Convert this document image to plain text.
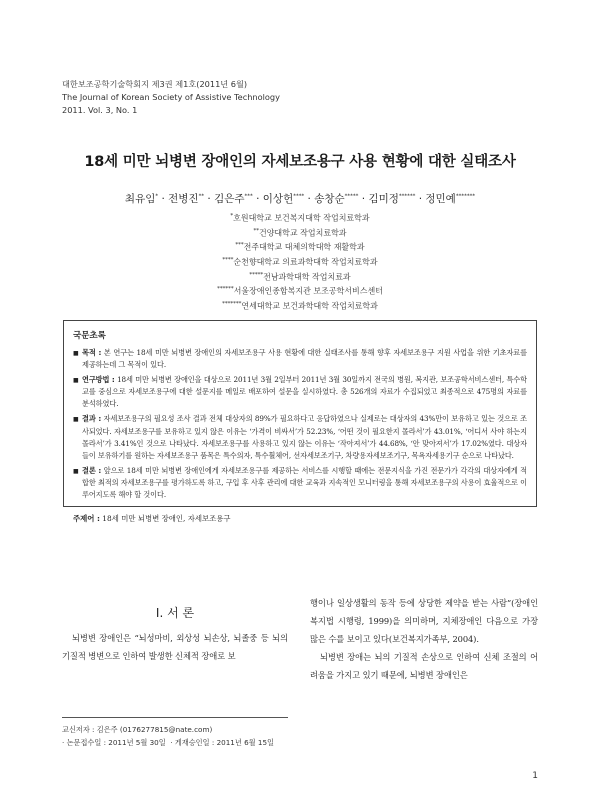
대한보조공학기술학회지 제3권 제1호(2011년 6월)
The Journal of Korean Society of Assistive Technology
2011. Vol. 3, No. 1
18세 미만 뇌병변 장애인의 자세보조용구 사용 현황에 대한 실태조사
최유임* · 전병진** · 김은주*** · 이상헌**** · 송창순***** · 김미정****** · 정민예*******
*호원대학교 보건복지대학 작업치료학과
**건양대학교 작업치료학과
***전주대학교 대체의학대학 재활학과
****순천향대학교 의료과학대학 작업치료학과
*****전남과학대학 작업치료과
******서울장애인종합복지관 보조공학서비스센터
*******연세대학교 보건과학대학 작업치료학과
국문초록
■ 목적 : 본 연구는 18세 미만 뇌병변 장애인의 자세보조용구 사용 현황에 대한 실태조사를 통해 향후 자세보조용구 지원 사업을 위한 기초자료를 제공하는데 그 목적이 있다.
■ 연구방법 : 18세 미만 뇌병변 장애인을 대상으로 2011년 3월 2일부터 2011년 3월 30일까지 전국의 병원, 복지관, 보조공학서비스센터, 특수학교를 중심으로 자세보조용구에 대한 설문지를 메일로 배포하여 설문을 실시하였다. 총 526개의 자료가 수집되었고 최종적으로 475명의 자료를 분석하였다.
■ 결과 : 자세보조용구의 필요성 조사 결과 전체 대상자의 89%가 필요하다고 응답하였으나 실제로는 대상자의 43%만이 보유하고 있는 것으로 조사되었다. 자세보조용구를 보유하고 있지 않은 이유는 ‘가격이 비싸서’가 52.23%, ‘어떤 것이 필요한지 몰라서’가 43.01%, ‘어디서 사야 하는지 몰라서’가 3.41%인 것으로 나타났다. 자세보조용구를 사용하고 있지 않는 이유는 ‘작아져서’가 44.68%, ‘안 맞아져서’가 17.02%였다. 대상자들이 보유하기를 원하는 자세보조용구 품목은 특수의자, 특수휠체어, 선자세보조기구, 차량용자세보조기구, 목욕자세용기구 순으로 나타났다.
■ 결론 : 앞으로 18세 미만 뇌병변 장애인에게 자세보조용구를 제공하는 서비스를 시행할 때에는 전문지식을 가진 전문가가 각각의 대상자에게 적합한 최적의 자세보조용구를 평가하도록 하고, 구입 후 사후 관리에 대한 교육과 지속적인 모니터링을 통해 자세보조용구의 사용이 효율적으로 이루어지도록 해야 할 것이다.
주제어 : 18세 미만 뇌병변 장애인, 자세보조용구
I. 서 론
뇌병변 장애인은 “뇌성마비, 외상성 뇌손상, 뇌졸중 등 뇌의 기질적 병변으로 인하여 발생한 신체적 장애로 보

행이나 일상생활의 동작 등에 상당한 제약을 받는 사람”(장애인 복지법 시행령, 1999)을 의미하며, 지체장애인 다음으로 가장 많은 수를 보이고 있다(보건복지가족부, 2004).

뇌병변 장애는 뇌의 기질적 손상으로 인하여 신체 조절의 어려움을 가지고 있기 때문에, 뇌병변 장애인은

교신저자 : 김은주 (0176277815@nate.com)
· 논문접수일 : 2011년 5월 30일 · 게재승인일 : 2011년 6월 15일
1
